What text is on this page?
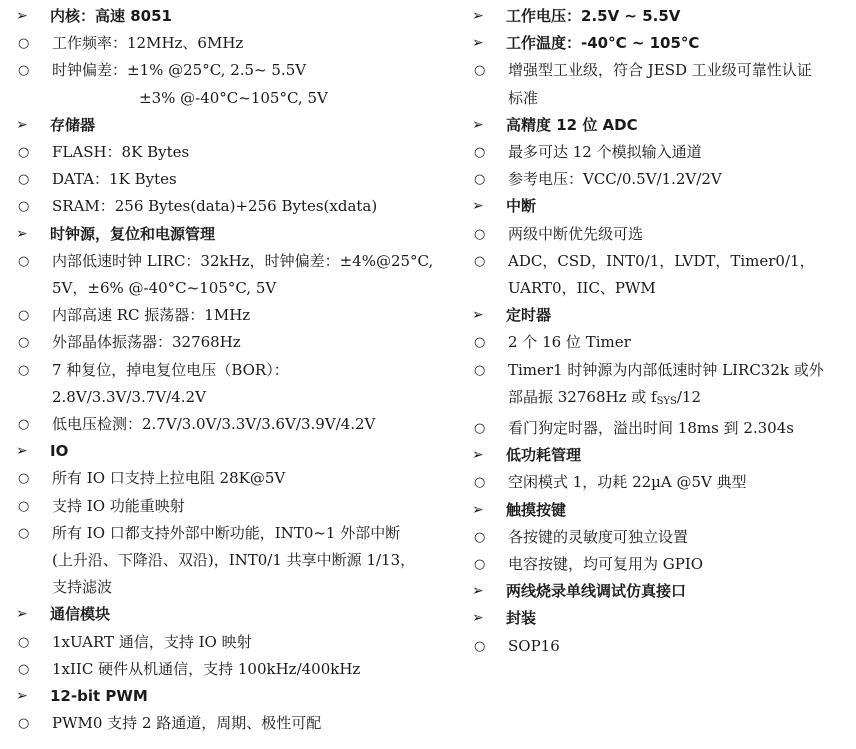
➢	内核：高速 8051
○	工作频率：12MHz、6MHz
○	时钟偏差：±1% @25°C, 2.5~ 5.5V
±3% @-40°C~105°C, 5V
➢	存储器
○	FLASH：8K Bytes
○	DATA：1K Bytes
○	SRAM：256 Bytes(data)+256 Bytes(xdata)
➢	时钟源，复位和电源管理
○	内部低速时钟 LIRC：32kHz，时钟偏差：±4%@25°C,
5V，±6% @-40°C~105°C, 5V
○	内部高速 RC 振荡器：1MHz
○	外部晶体振荡器：32768Hz
○	7 种复位，掉电复位电压（BOR）：
2.8V/3.3V/3.7V/4.2V
○	低电压检测：2.7V/3.0V/3.3V/3.6V/3.9V/4.2V
➢	IO
○	所有 IO 口支持上拉电阻 28K@5V
○	支持 IO 功能重映射
○	所有 IO 口都支持外部中断功能，INT0~1 外部中断
(上升沿、下降沿、双沿)，INT0/1 共享中断源 1/13，
支持滤波
➢	通信模块
○	1xUART 通信，支持 IO 映射
○	1xIIC 硬件从机通信，支持 100kHz/400kHz
➢	12-bit PWM
○	PWM0 支持 2 路通道，周期、极性可配
➢	工作电压：2.5V ~ 5.5V
➢	工作温度：-40°C ~ 105°C
○	增强型工业级，符合 JESD 工业级可靠性认证
标准
➢	高精度 12 位 ADC
○	最多可达 12 个模拟输入通道
○	参考电压：VCC/0.5V/1.2V/2V
➢	中断
○	两级中断优先级可选
○	ADC，CSD，INT0/1，LVDT，Timer0/1，
UART0，IIC、PWM
➢	定时器
○	2 个 16 位 Timer
○	Timer1 时钟源为内部低速时钟 LIRC32k 或外
部晶振 32768Hz 或 $f_{SYS}/12$
○	看门狗定时器，溢出时间 18ms 到 2.304s
➢	低功耗管理
○	空闲模式 1，功耗 22µA @5V 典型
➢	触摸按键
○	各按键的灵敏度可独立设置
○	电容按键，均可复用为 GPIO
➢	两线烧录单线调试仿真接口
➢	封装
○	SOP16
